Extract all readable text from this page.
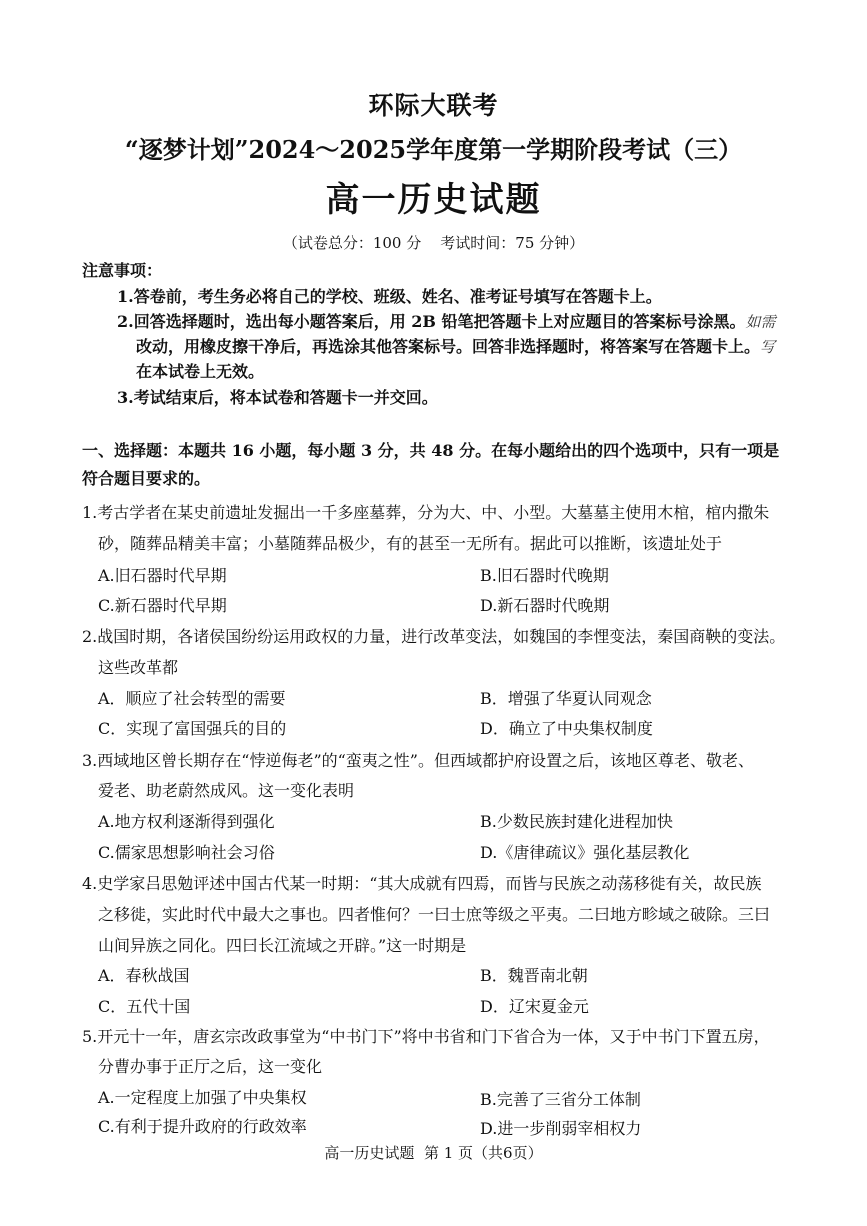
环际大联考
“逐梦计划”2024～2025学年度第一学期阶段考试（三）
高一历史试题
（试卷总分：100 分    考试时间：75 分钟）
注意事项：
1.答卷前，考生务必将自己的学校、班级、姓名、准考证号填写在答题卡上。
2.回答选择题时，选出每小题答案后，用 2B 铅笔把答题卡上对应题目的答案标号涂黑。如需
改动，用橡皮擦干净后，再选涂其他答案标号。回答非选择题时，将答案写在答题卡上。写
在本试卷上无效。
3.考试结束后，将本试卷和答题卡一并交回。
一、选择题：本题共 16 小题，每小题 3 分，共 48 分。在每小题给出的四个选项中，只有一项是
符合题目要求的。
1.考古学者在某史前遗址发掘出一千多座墓葬，分为大、中、小型。大墓墓主使用木棺，棺内撒朱
砂，随葬品精美丰富；小墓随葬品极少，有的甚至一无所有。据此可以推断，该遗址处于
A.旧石器时代早期	B.旧石器时代晚期
C.新石器时代早期	D.新石器时代晚期
2.战国时期，各诸侯国纷纷运用政权的力量，进行改革变法，如魏国的李悝变法，秦国商鞅的变法。
这些改革都
A．顺应了社会转型的需要	B．增强了华夏认同观念
C．实现了富国强兵的目的	D．确立了中央集权制度
3.西域地区曾长期存在“悖逆侮老”的“蛮夷之性”。但西域都护府设置之后，该地区尊老、敬老、
爱老、助老蔚然成风。这一变化表明
A.地方权利逐渐得到强化	B.少数民族封建化进程加快
C.儒家思想影响社会习俗	D.《唐律疏议》强化基层教化
4.史学家吕思勉评述中国古代某一时期：“其大成就有四焉，而皆与民族之动荡移徙有关，故民族
之移徙，实此时代中最大之事也。四者惟何？一曰士庶等级之平夷。二曰地方畛域之破除。三曰
山间异族之同化。四曰长江流域之开辟。”这一时期是
A．春秋战国	B．魏晋南北朝
C．五代十国	D．辽宋夏金元
5.开元十一年，唐玄宗改政事堂为“中书门下”将中书省和门下省合为一体，又于中书门下置五房，
分曹办事于正厅之后，这一变化
A.一定程度上加强了中央集权	B.完善了三省分工体制
C.有利于提升政府的行政效率	D.进一步削弱宰相权力
高一历史试题  第 1 页（共6页）
